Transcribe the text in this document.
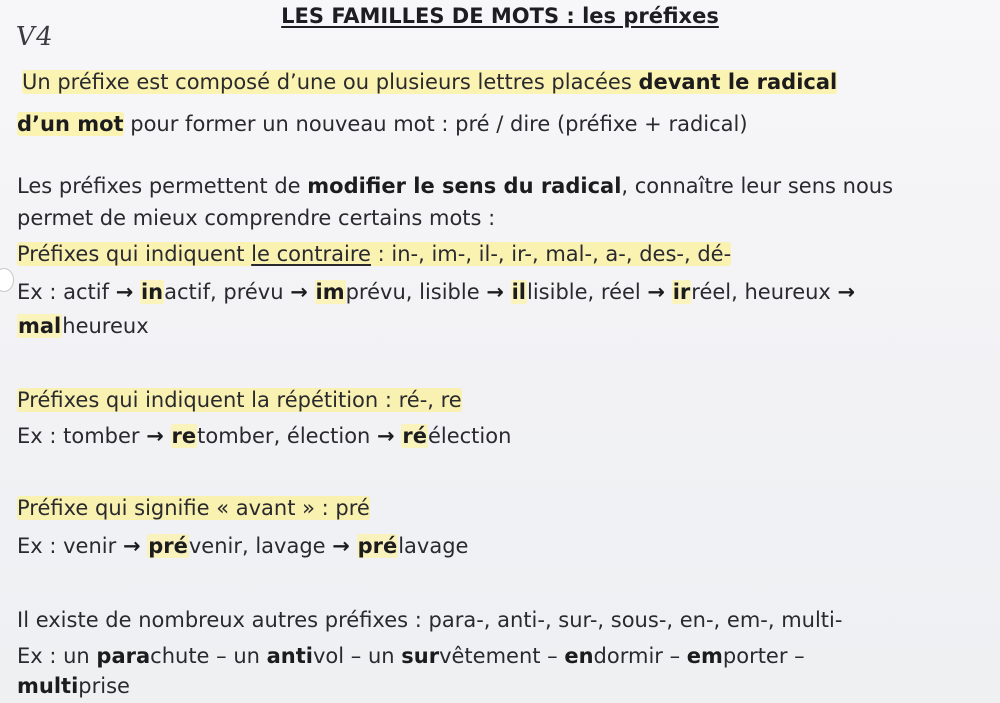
V4
LES FAMILLES DE MOTS : les préfixes
Un préfixe est composé d’une ou plusieurs lettres placées devant le radical
d’un mot pour former un nouveau mot : pré / dire (préfixe + radical)
Les préfixes permettent de modifier le sens du radical, connaître leur sens nous
permet de mieux comprendre certains mots :
Préfixes qui indiquent le contraire : in-, im-, il-, ir-, mal-, a-, des-, dé-
Ex : actif → inactif, prévu → imprévu, lisible → illisible, réel → irréel, heureux →
malheureux
Préfixes qui indiquent la répétition : ré-, re
Ex : tomber → retomber, élection → réélection
Préfixe qui signifie « avant » : pré
Ex : venir → prévenir, lavage → prélavage
Il existe de nombreux autres préfixes : para-, anti-, sur-, sous-, en-, em-, multi-
Ex : un parachute – un antivol – un survêtement – endormir – emporter –
multiprise
